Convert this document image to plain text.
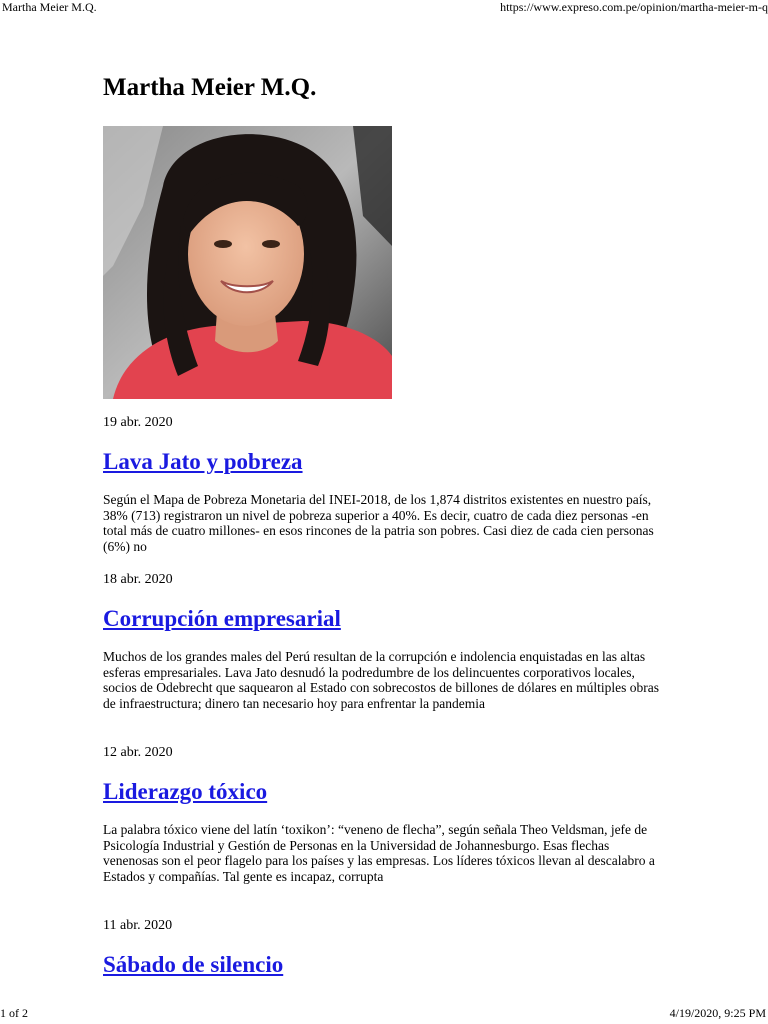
Martha Meier M.Q.	https://www.expreso.com.pe/opinion/martha-meier-m-q
Martha Meier M.Q.

19 abr. 2020

Lava Jato y pobreza

Según el Mapa de Pobreza Monetaria del INEI-2018, de los 1,874 distritos existentes en nuestro país, 38% (713) registraron un nivel de pobreza superior a 40%. Es decir, cuatro de cada diez personas -en total más de cuatro millones- en esos rincones de la patria son pobres. Casi diez de cada cien personas (6%) no

18 abr. 2020

Corrupción empresarial

Muchos de los grandes males del Perú resultan de la corrupción e indolencia enquistadas en las altas esferas empresariales. Lava Jato desnudó la podredumbre de los delincuentes corporativos locales, socios de Odebrecht que saquearon al Estado con sobrecostos de billones de dólares en múltiples obras de infraestructura; dinero tan necesario hoy para enfrentar la pandemia

12 abr. 2020

Liderazgo tóxico

La palabra tóxico viene del latín ‘toxikon’: “veneno de flecha”, según señala Theo Veldsman, jefe de Psicología Industrial y Gestión de Personas en la Universidad de Johannesburgo. Esas flechas venenosas son el peor flagelo para los países y las empresas. Los líderes tóxicos llevan al descalabro a Estados y compañías. Tal gente es incapaz, corrupta

11 abr. 2020

Sábado de silencio
1 of 2	4/19/2020, 9:25 PM
